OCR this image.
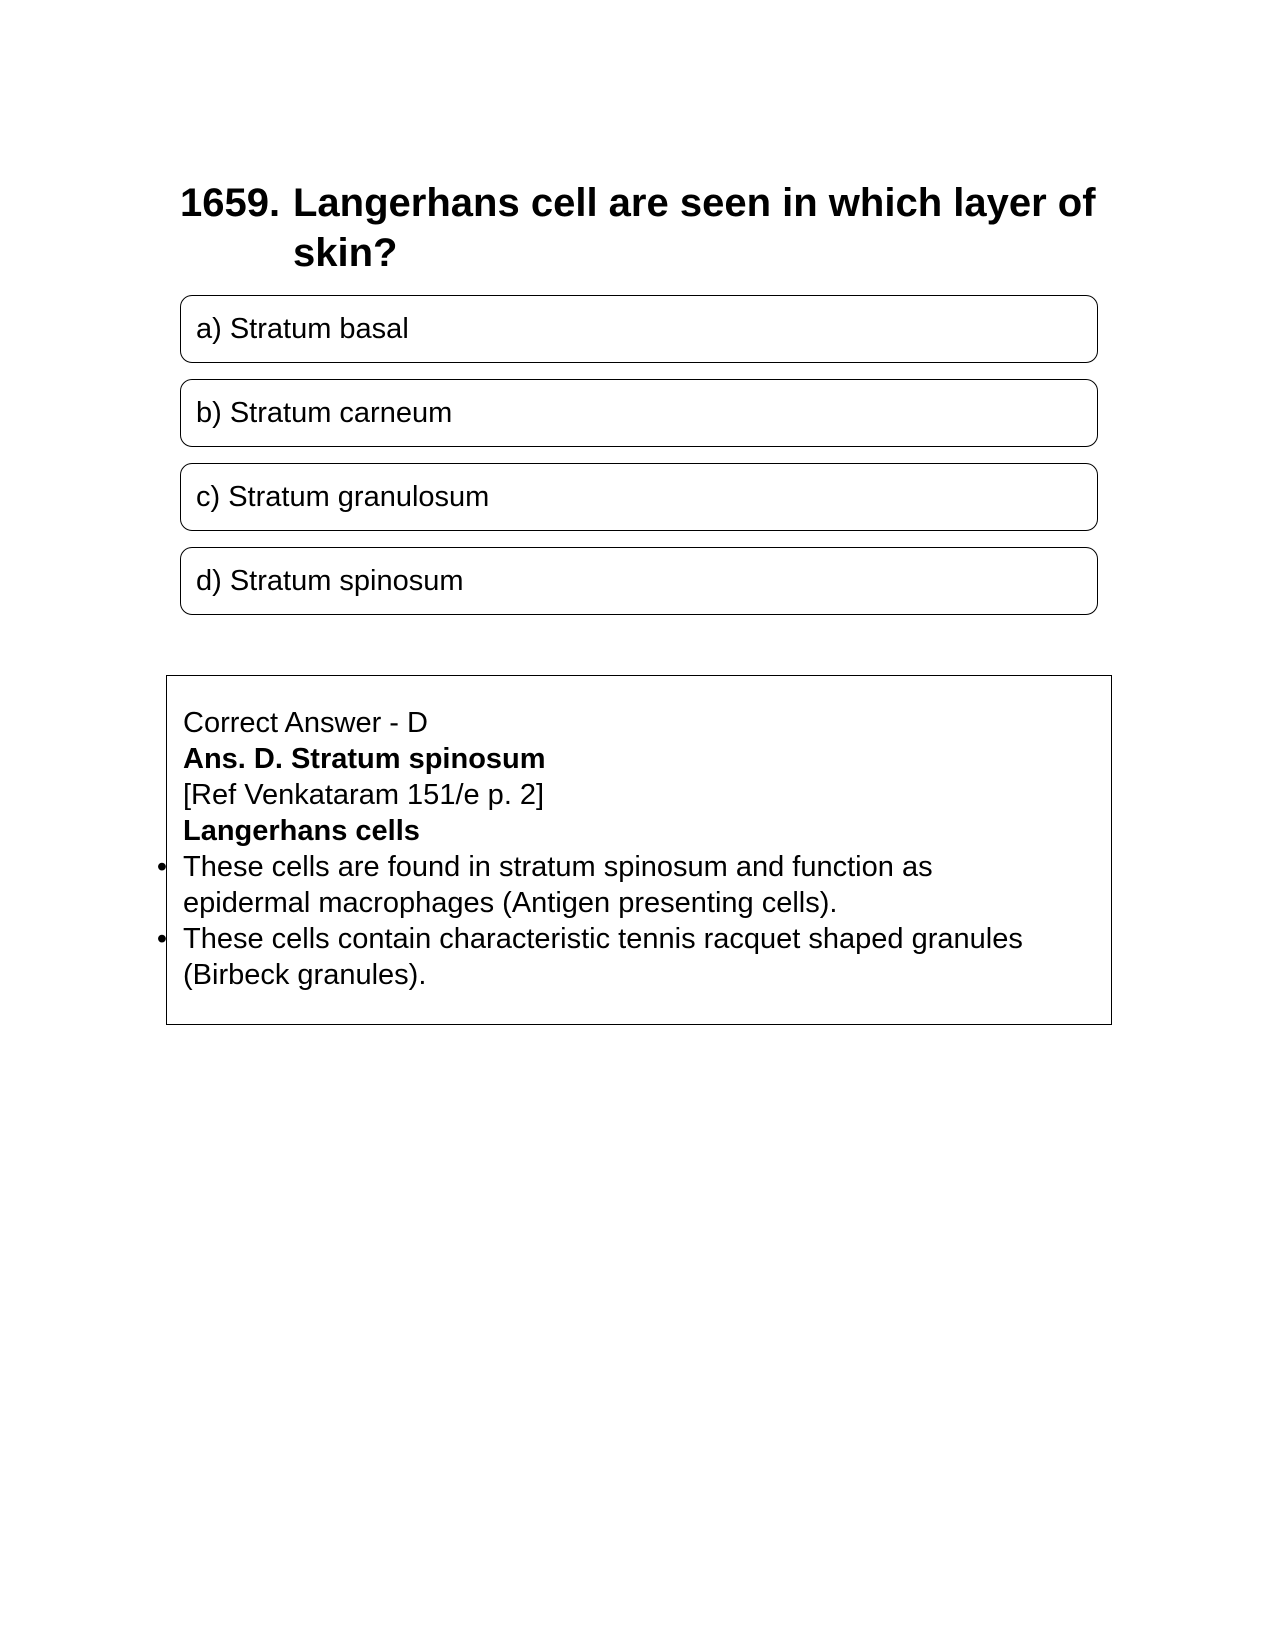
1659. Langerhans cell are seen in which layer of skin?
a) Stratum basal
b) Stratum carneum
c) Stratum granulosum
d) Stratum spinosum
Correct Answer - D
Ans. D. Stratum spinosum
[Ref Venkataram 151/e p. 2]
Langerhans cells
• These cells are found in stratum spinosum and function as
epidermal macrophages (Antigen presenting cells).
• These cells contain characteristic tennis racquet shaped granules
(Birbeck granules).
